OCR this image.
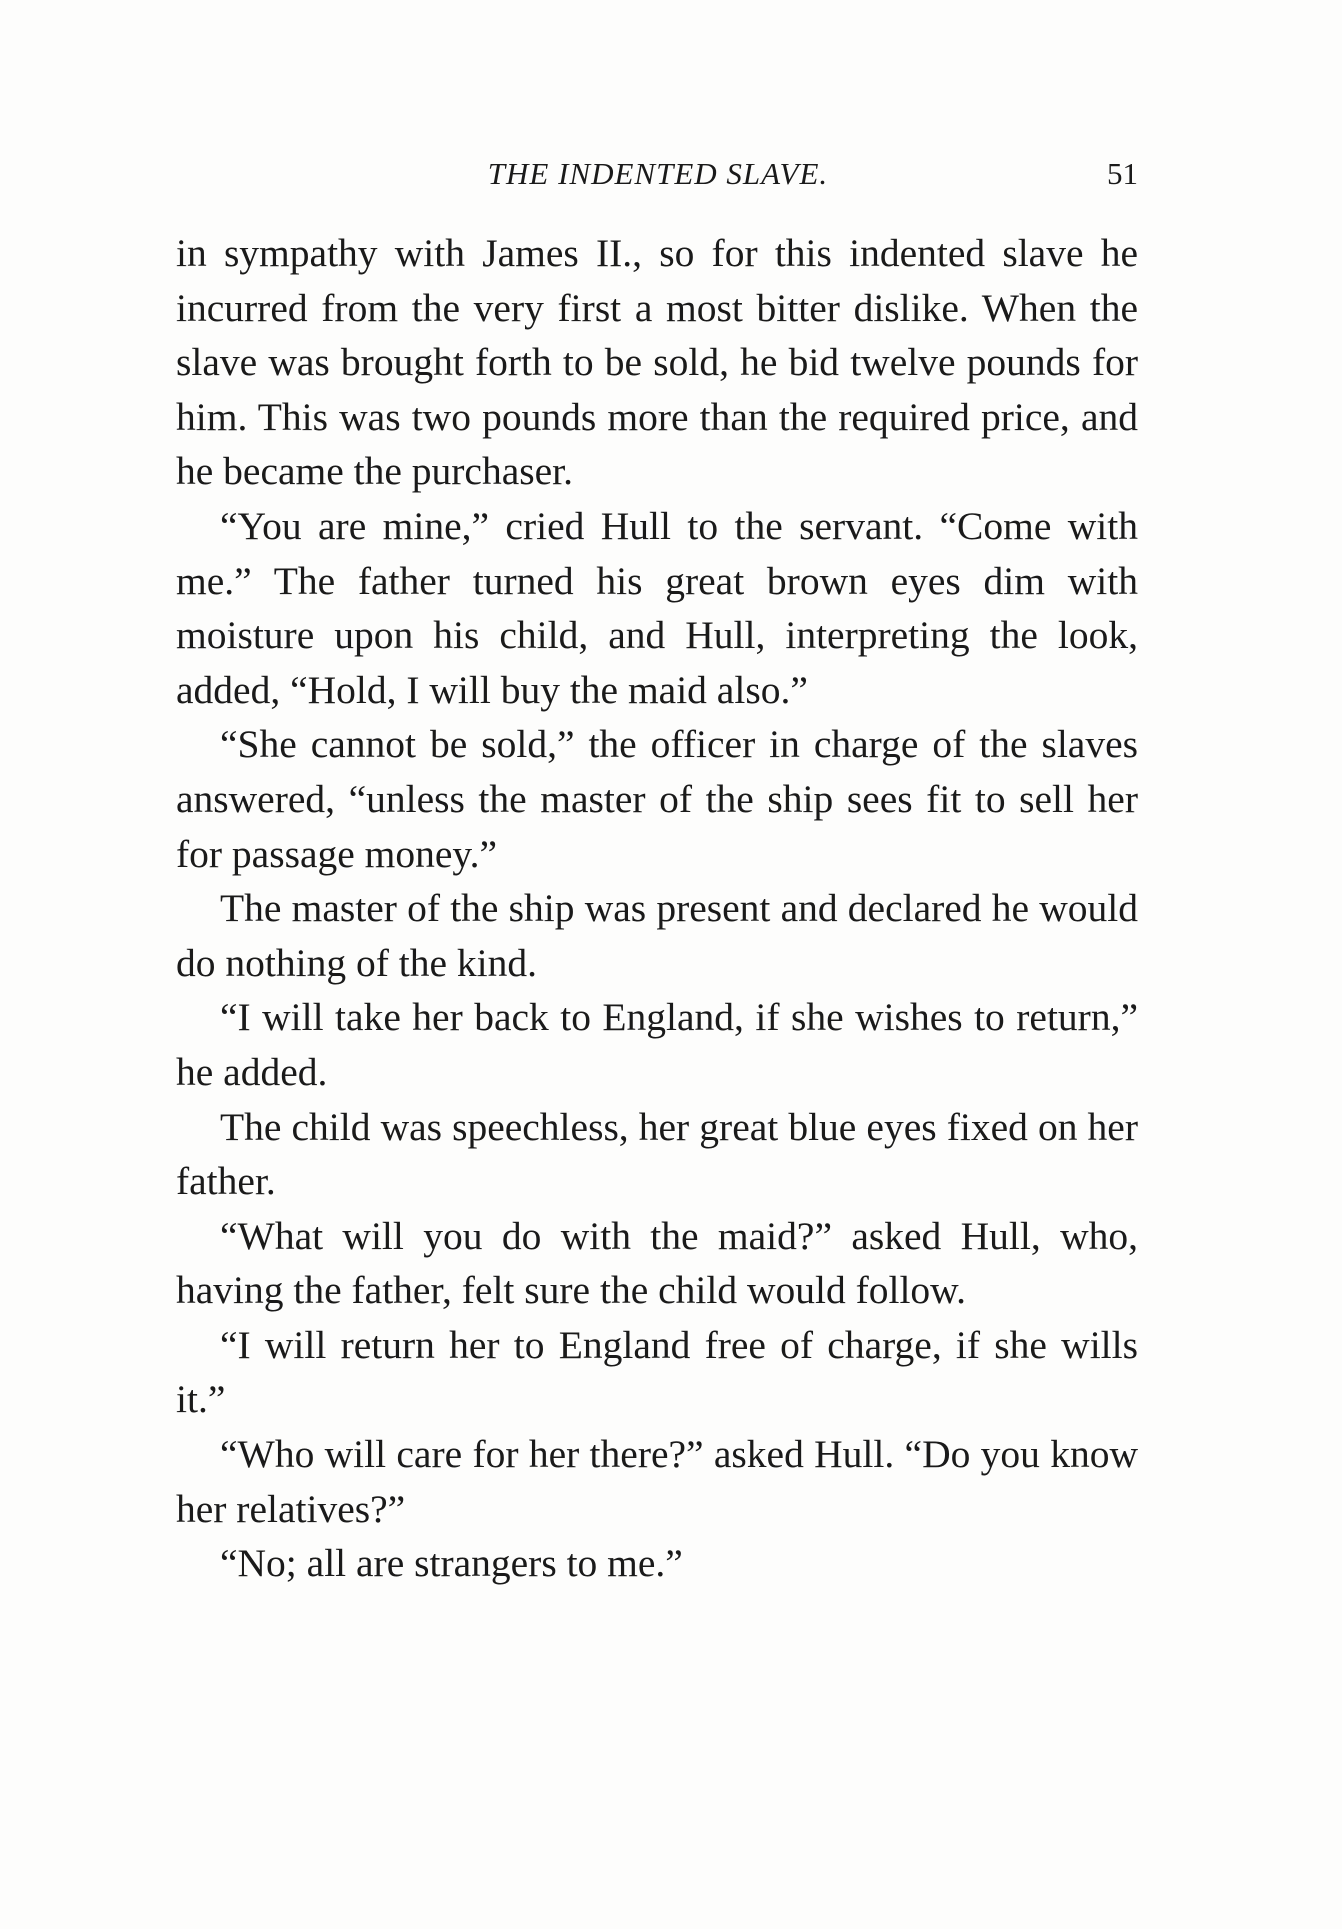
THE INDENTED SLAVE.	51

in sympathy with James II., so for this indented slave he incurred from the very first a most bitter dislike. When the slave was brought forth to be sold, he bid twelve pounds for him. This was two pounds more than the required price, and he became the purchaser.

“You are mine,” cried Hull to the servant. “Come with me.” The father turned his great brown eyes dim with moisture upon his child, and Hull, interpreting the look, added, “Hold, I will buy the maid also.”

“She cannot be sold,” the officer in charge of the slaves answered, “unless the master of the ship sees fit to sell her for passage money.”

The master of the ship was present and declared he would do nothing of the kind.

“I will take her back to England, if she wishes to return,” he added.

The child was speechless, her great blue eyes fixed on her father.

“What will you do with the maid?” asked Hull, who, having the father, felt sure the child would follow.

“I will return her to England free of charge, if she wills it.”

“Who will care for her there?” asked Hull. “Do you know her relatives?”

“No; all are strangers to me.”
